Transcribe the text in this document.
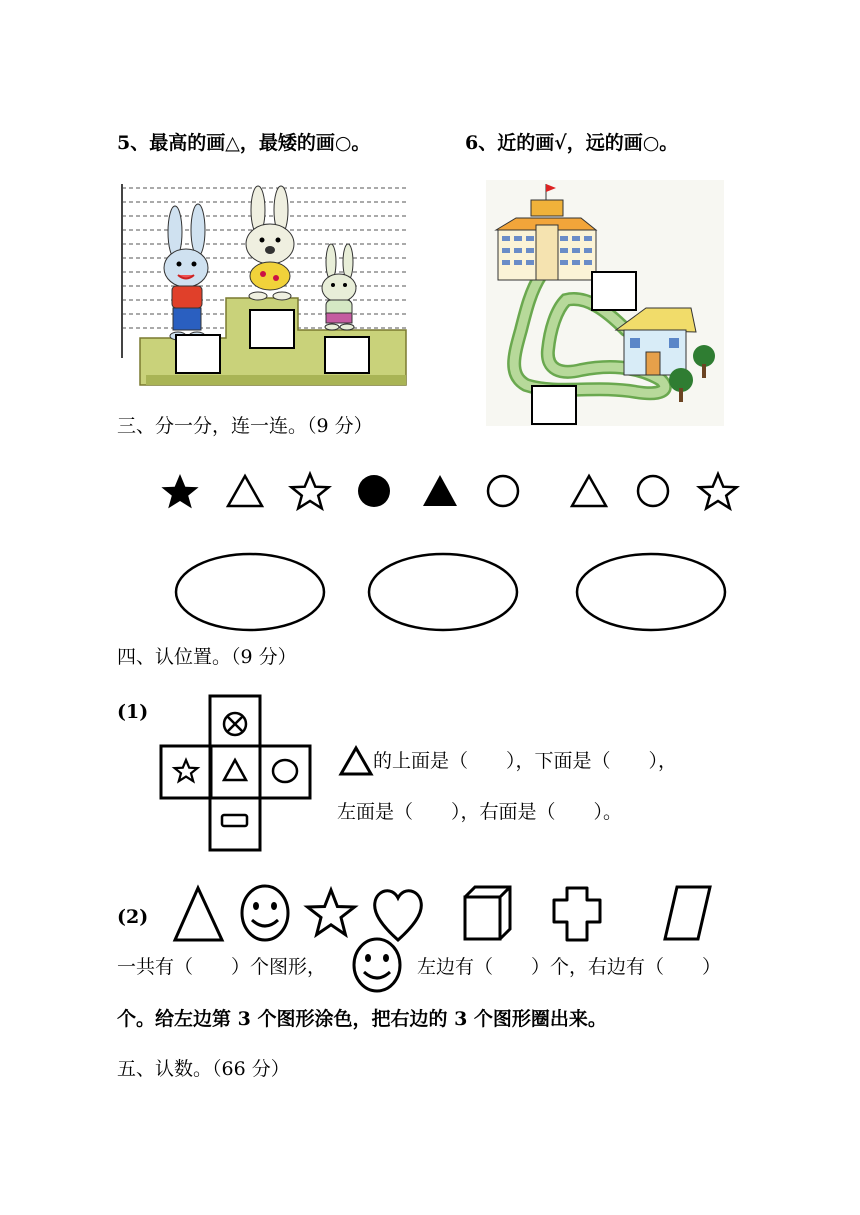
5、最高的画△，最矮的画○。	6、近的画√，远的画○。
三、分一分，连一连。（9 分）
四、认位置。（9 分）
(1)
的上面是（　　），下面是（　　），
左面是（　　），右面是（　　）。
(2)
一共有（　　）个图形，	左边有（　　）个，右边有（　　）
个。给左边第 3 个图形涂色，把右边的 3 个图形圈出来。
五、认数。（66 分）
